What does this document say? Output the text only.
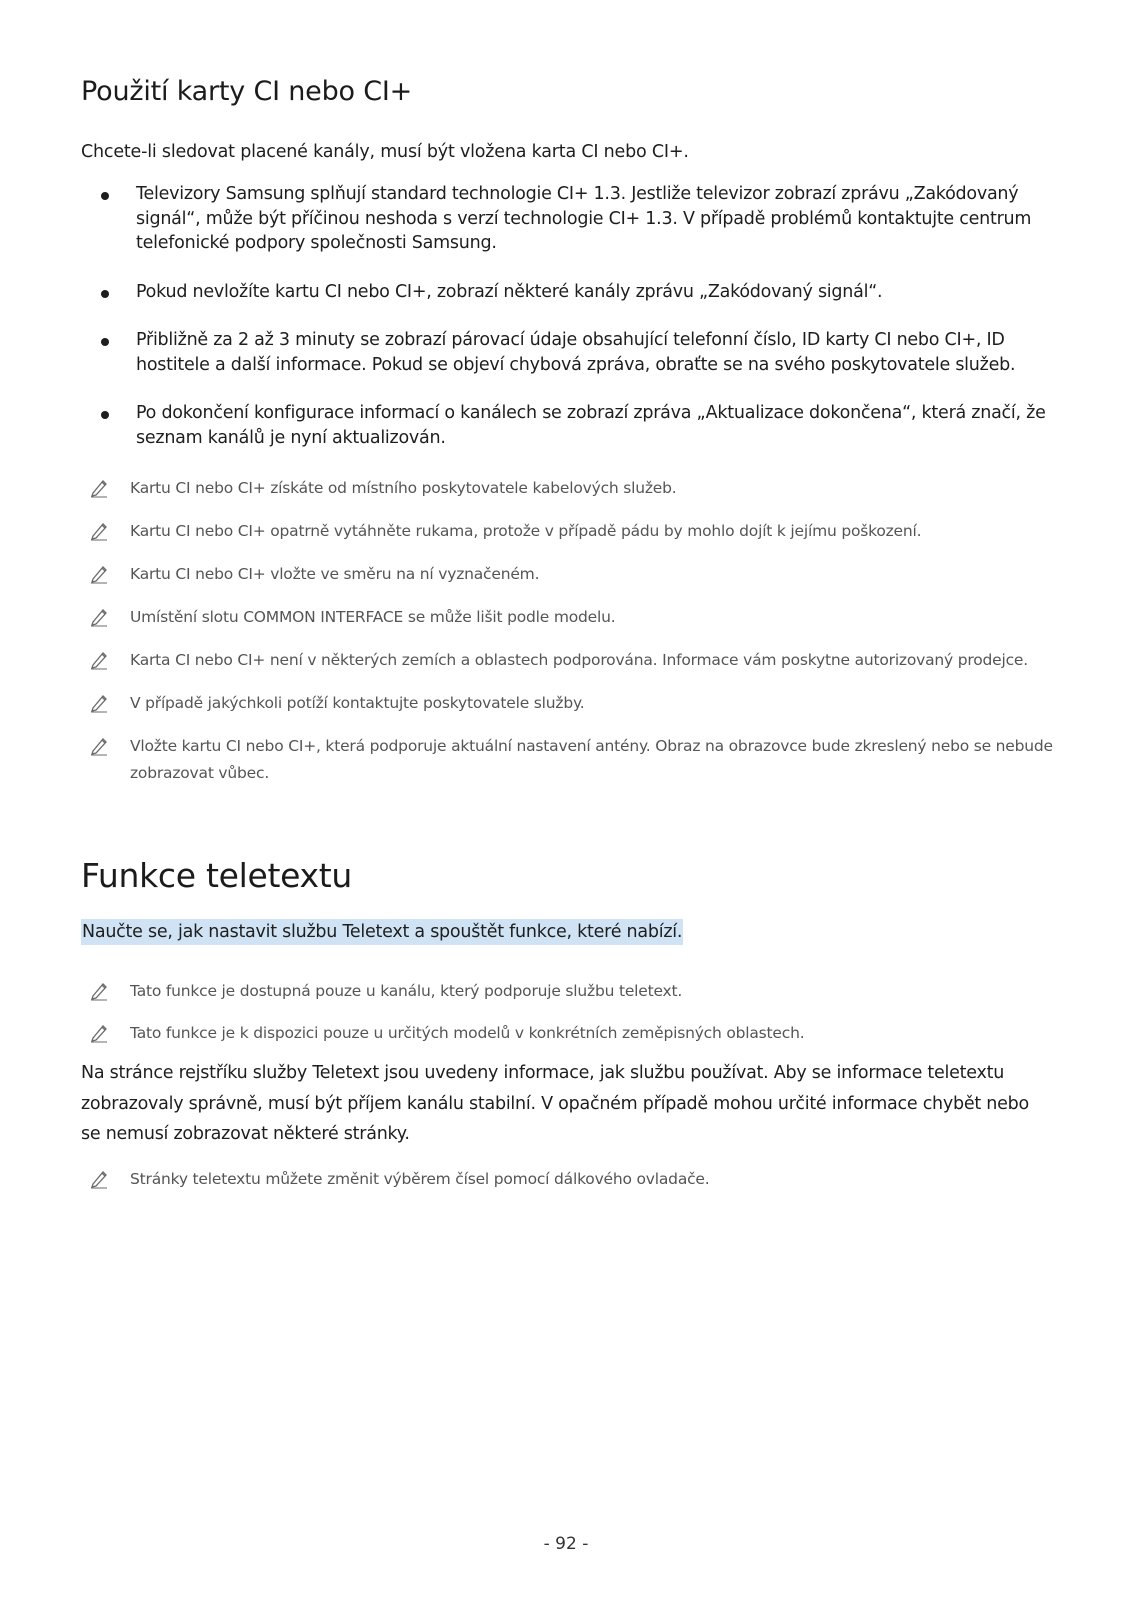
Použití karty CI nebo CI+

Chcete-li sledovat placené kanály, musí být vložena karta CI nebo CI+.

Televizory Samsung splňují standard technologie CI+ 1.3. Jestliže televizor zobrazí zprávu „Zakódovaný signál“, může být příčinou neshoda s verzí technologie CI+ 1.3. V případě problémů kontaktujte centrum telefonické podpory společnosti Samsung.
Pokud nevložíte kartu CI nebo CI+, zobrazí některé kanály zprávu „Zakódovaný signál“.
Přibližně za 2 až 3 minuty se zobrazí párovací údaje obsahující telefonní číslo, ID karty CI nebo CI+, ID hostitele a další informace. Pokud se objeví chybová zpráva, obraťte se na svého poskytovatele služeb.
Po dokončení konfigurace informací o kanálech se zobrazí zpráva „Aktualizace dokončena“, která značí, že seznam kanálů je nyní aktualizován.
Kartu CI nebo CI+ získáte od místního poskytovatele kabelových služeb.
Kartu CI nebo CI+ opatrně vytáhněte rukama, protože v případě pádu by mohlo dojít k jejímu poškození.
Kartu CI nebo CI+ vložte ve směru na ní vyznačeném.
Umístění slotu COMMON INTERFACE se může lišit podle modelu.
Karta CI nebo CI+ není v některých zemích a oblastech podporována. Informace vám poskytne autorizovaný prodejce.
V případě jakýchkoli potíží kontaktujte poskytovatele služby.
Vložte kartu CI nebo CI+, která podporuje aktuální nastavení antény. Obraz na obrazovce bude zkreslený nebo se nebude zobrazovat vůbec.
Funkce teletextu

Naučte se, jak nastavit službu Teletext a spouštět funkce, které nabízí.

Tato funkce je dostupná pouze u kanálu, který podporuje službu teletext.
Tato funkce je k dispozici pouze u určitých modelů v konkrétních zeměpisných oblastech.

Na stránce rejstříku služby Teletext jsou uvedeny informace, jak službu používat. Aby se informace teletextu zobrazovaly správně, musí být příjem kanálu stabilní. V opačném případě mohou určité informace chybět nebo se nemusí zobrazovat některé stránky.

Stránky teletextu můžete změnit výběrem čísel pomocí dálkového ovladače.
- 92 -
